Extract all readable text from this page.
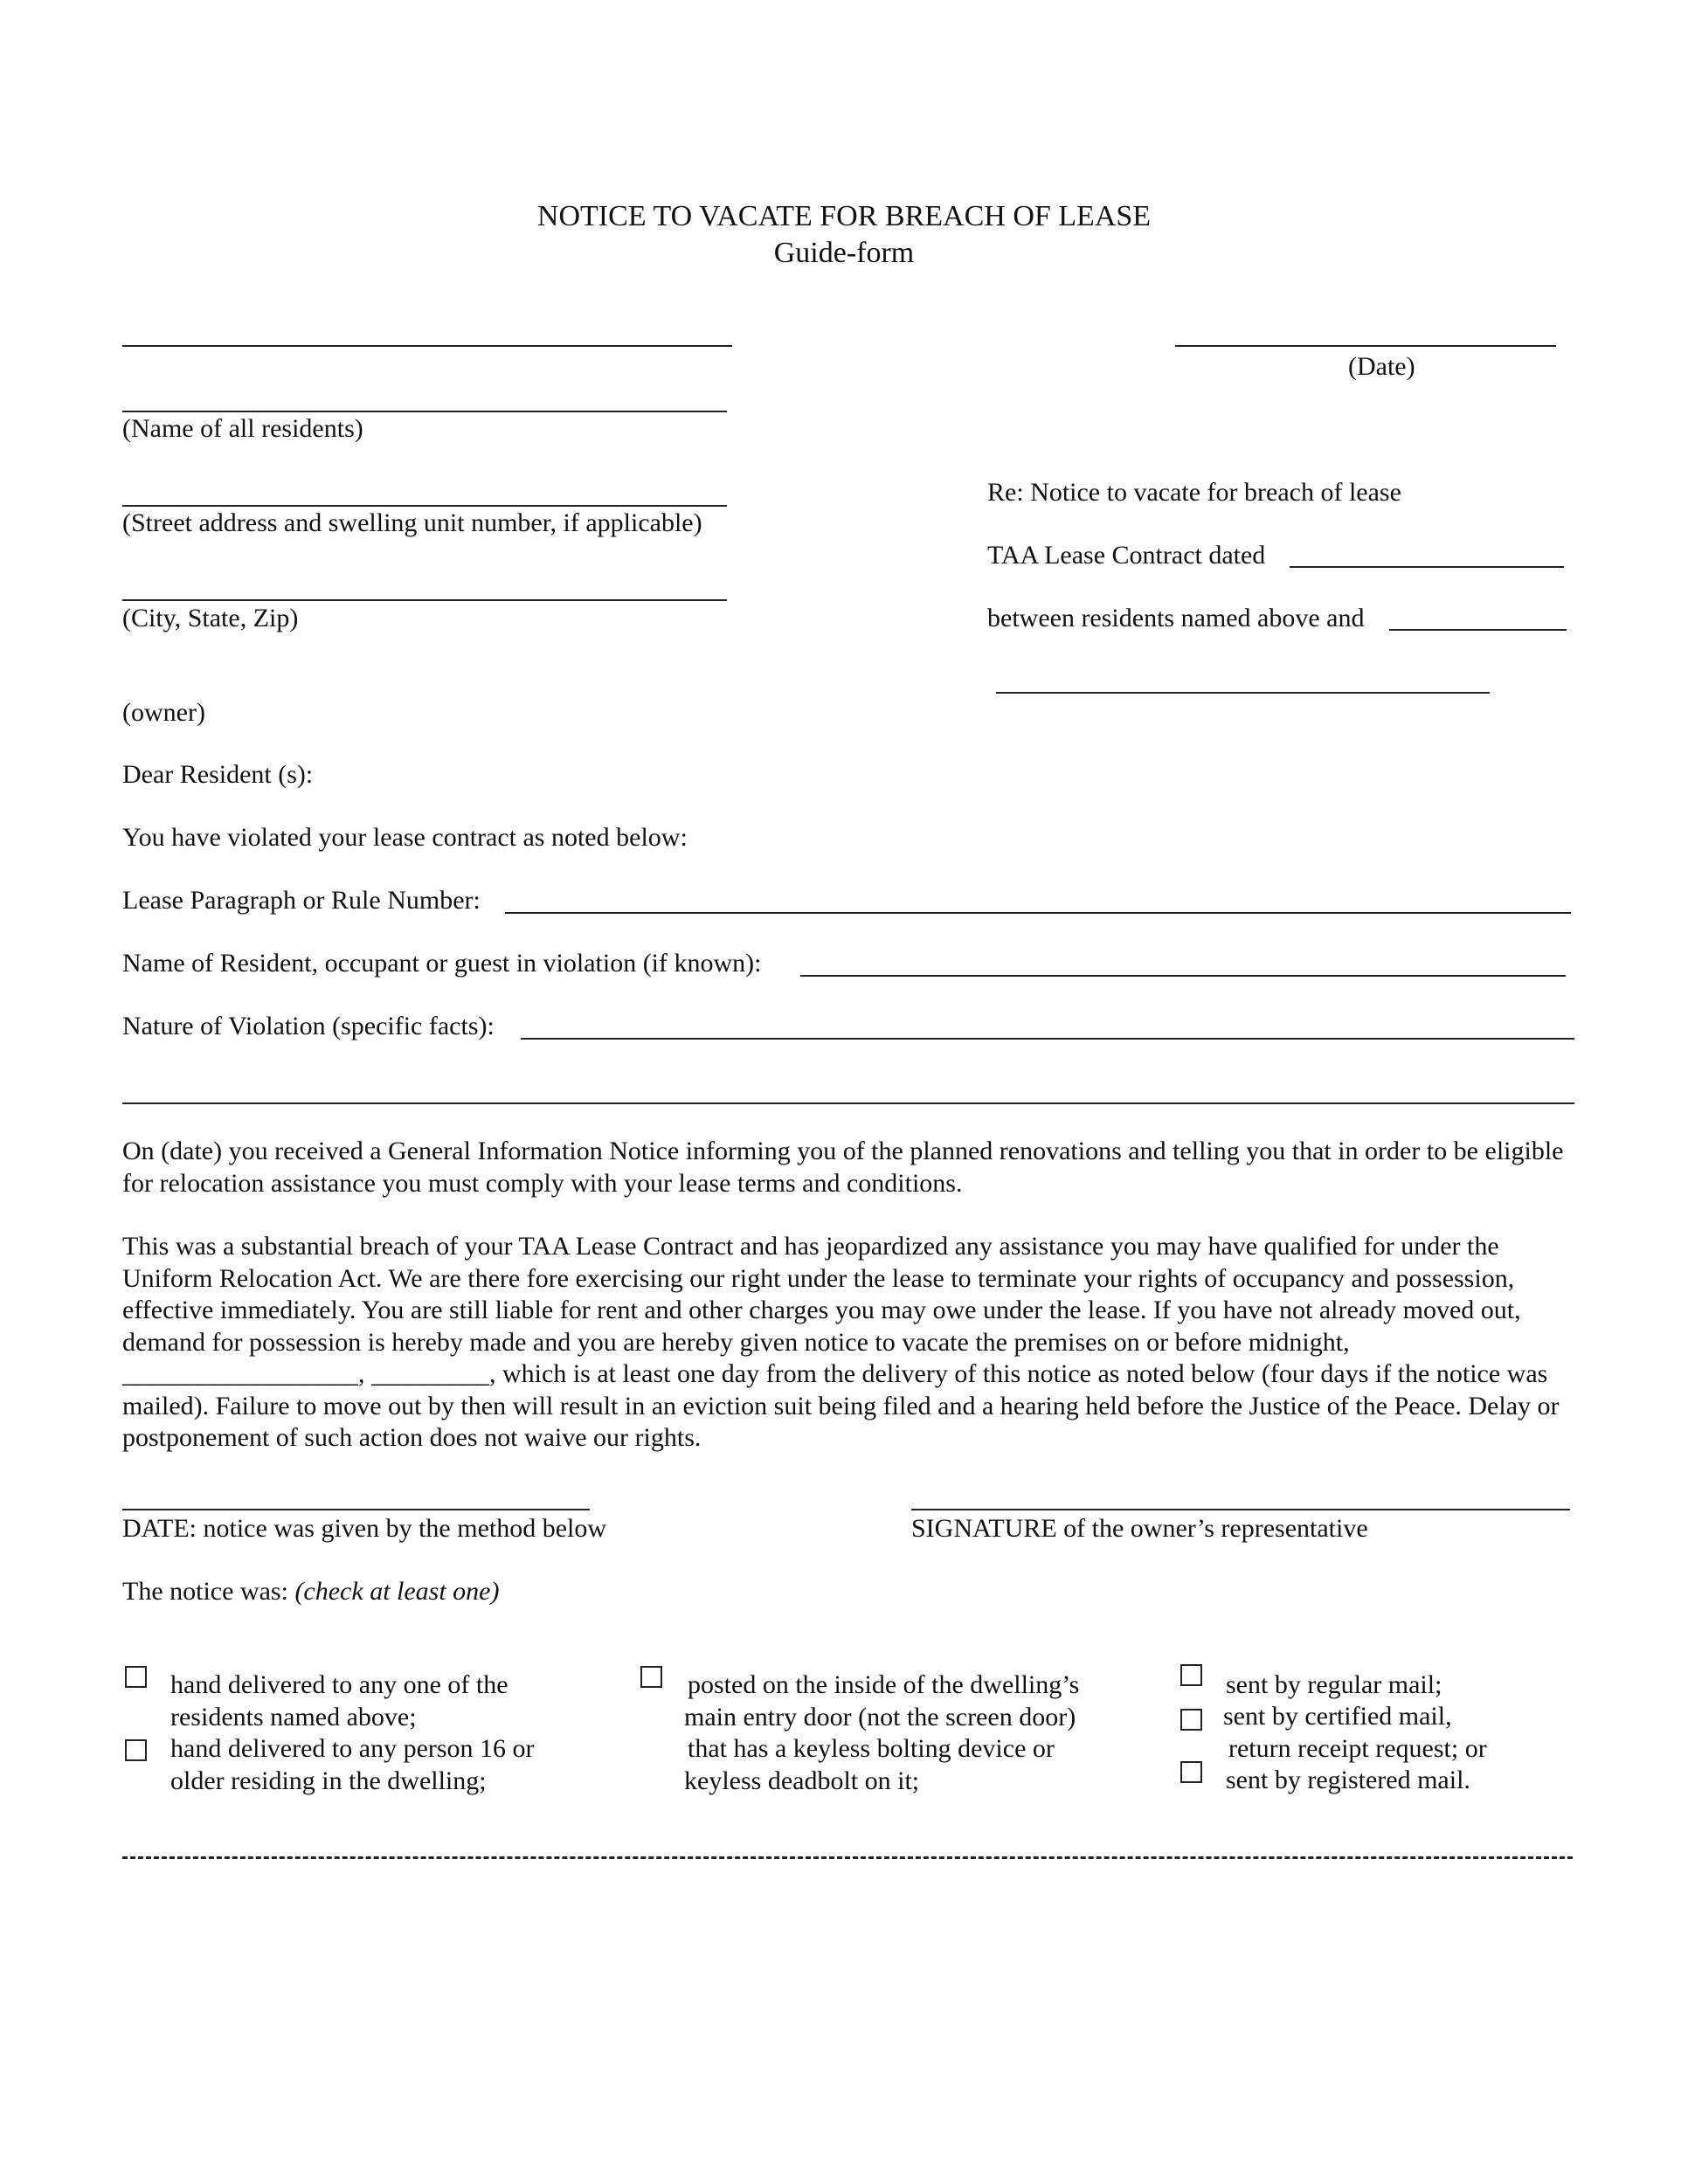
NOTICE TO VACATE FOR BREACH OF LEASE
Guide-form
(Date)
(Name of all residents)
(Street address and swelling unit number, if applicable)
Re: Notice to vacate for breach of lease
TAA Lease Contract dated
(City, State, Zip)	between residents named above and
(owner)
Dear Resident (s):
You have violated your lease contract as noted below:
Lease Paragraph or Rule Number:
Name of Resident, occupant or guest in violation (if known):
Nature of Violation (specific facts):
On (date) you received a General Information Notice informing you of the planned renovations and telling you that in order to be eligible for relocation assistance you must comply with your lease terms and conditions.
This was a substantial breach of your TAA Lease Contract and has jeopardized any assistance you may have qualified for under the Uniform Relocation Act. We are there fore exercising our right under the lease to terminate your rights of occupancy and possession, effective immediately. You are still liable for rent and other charges you may owe under the lease. If you have not already moved out, demand for possession is hereby made and you are hereby given notice to vacate the premises on or before midnight, __________________, _________, which is at least one day from the delivery of this notice as noted below (four days if the notice was mailed). Failure to move out by then will result in an eviction suit being filed and a hearing held before the Justice of the Peace. Delay or postponement of such action does not waive our rights.
DATE: notice was given by the method below	SIGNATURE of the owner’s representative
The notice was: (check at least one)
hand delivered to any one of the
residents named above;
hand delivered to any person 16 or
older residing in the dwelling;
posted on the inside of the dwelling’s
main entry door (not the screen door)
that has a keyless bolting device or
keyless deadbolt on it;
sent by regular mail;
sent by certified mail,
return receipt request; or
sent by registered mail.
